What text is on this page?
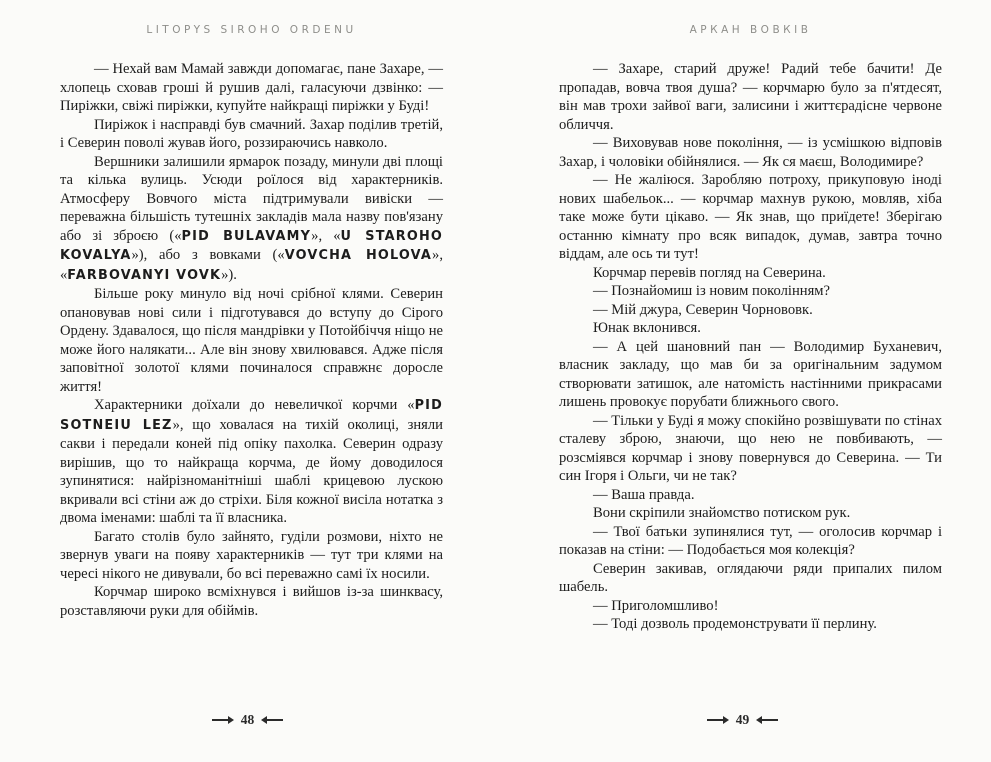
LITOPYS SIROHO ORDENU

— Нехай вам Мамай завжди допомагає, пане Захаре, — хлопець сховав гроші й рушив далі, галасуючи дзвінко: — Пиріжки, свіжі пиріжки, купуйте найкращі пиріжки у Буді!

Пиріжок і насправді був смачний. Захар поділив третій, і Северин поволі жував його, роззираючись навколо.

Вершники залишили ярмарок позаду, минули дві площі та кілька вулиць. Усюди роїлося від характерників. Атмосферу Вовчого міста підтримували вивіски — переважна більшість тутешніх закладів мала назву пов'язану або зі зброєю («PID BULAVAMY», «U STAROHO KOVALYA»), або з вовками («VOVCHA HOLOVA», «FARBOVANYI VOVK»).

Більше року минуло від ночі срібної клями. Северин опановував нові сили і підготувався до вступу до Сірого Ордену. Здавалося, що після мандрівки у Потойбіччя ніщо не може його налякати... Але він знову хвилювався. Адже після заповітної золотої клями починалося справжнє доросле життя!

Характерники доїхали до невеличкої корчми «PID SOTNEIU LEZ», що ховалася на тихій околиці, зняли сакви і передали коней під опіку пахолка. Северин одразу вирішив, що то найкраща корчма, де йому доводилося зупинятися: найрізноманітніші шаблі крицевою лускою вкривали всі стіни аж до стріхи. Біля кожної висіла нотатка з двома іменами: шаблі та її власника.

Багато столів було зайнято, гуділи розмови, ніхто не звернув уваги на появу характерників — тут три клями на чересі нікого не дивували, бо всі переважно самі їх носили.

Корчмар широко всміхнувся і вийшов із-за шинквасу, розставляючи руки для обіймів.

48
АРКАН ВОВКІВ

— Захаре, старий друже! Радий тебе бачити! Де пропадав, вовча твоя душа? — корчмарю було за п'ятдесят, він мав трохи зайвої ваги, залисини і життєрадісне червоне обличчя.

— Виховував нове покоління, — із усмішкою відповів Захар, і чоловіки обійнялися. — Як ся маєш, Володимире?

— Не жаліюся. Заробляю потроху, прикуповую іноді нових шабельок... — корчмар махнув рукою, мовляв, хіба таке може бути цікаво. — Як знав, що приїдете! Зберігаю останню кімнату про всяк випадок, думав, завтра точно віддам, але ось ти тут!

Корчмар перевів погляд на Северина.

— Познайомиш із новим поколінням?

— Мій джура, Северин Чорнововк.

Юнак вклонився.

— А цей шановний пан — Володимир Буханевич, власник закладу, що мав би за оригінальним задумом створювати затишок, але натомість настінними прикрасами лишень провокує порубати ближнього свого.

— Тільки у Буді я можу спокійно розвішувати по стінах сталеву зброю, знаючи, що нею не повбивають, — розсміявся корчмар і знову повернувся до Северина. — Ти син Ігоря і Ольги, чи не так?

— Ваша правда.

Вони скріпили знайомство потиском рук.

— Твої батьки зупинялися тут, — оголосив корчмар і показав на стіни: — Подобається моя колекція?

Северин закивав, оглядаючи ряди припалих пилом шабель.

— Приголомшливо!

— Тоді дозволь продемонструвати її перлину.

49
